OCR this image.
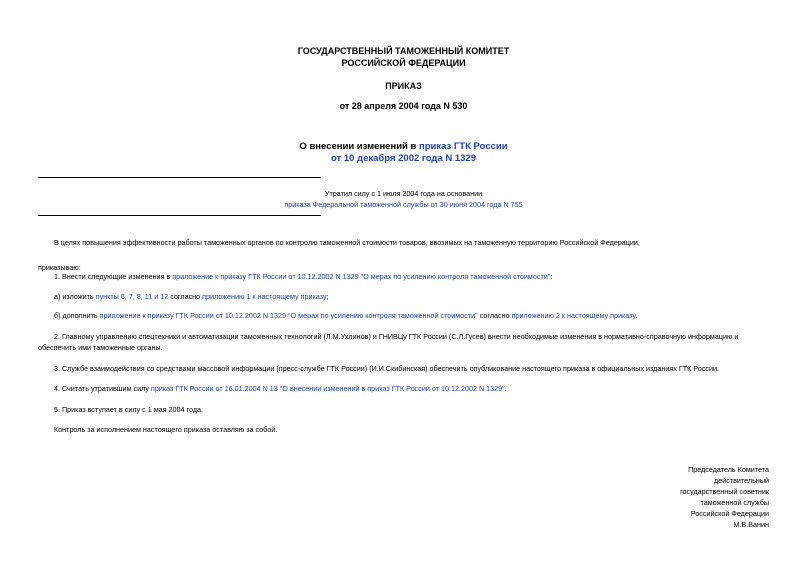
ГОСУДАРСТВЕННЫЙ ТАМОЖЕННЫЙ КОМИТЕТ
РОССИЙСКОЙ ФЕДЕРАЦИИ
ПРИКАЗ
от 28 апреля 2004 года N 530
О внесении изменений в приказ ГТК России
от 10 декабря 2002 года N 1329
Утратил силу с 1 июля 2004 года на основании
приказа Федеральной таможенной службы от 30 июня 2004 года N 755
В целях повышения эффективности работы таможенных органов по контролю таможенной стоимости товаров, ввозимых на таможенную территорию Российской Федерации,
приказываю:
1. Внести следующие изменения в приложение к приказу ГТК России от 10.12.2002 N 1329 "О мерах по усилению контроля таможенной стоимости":
а) изложить пункты 6, 7, 8, 11 и 12 согласно приложению 1 к настоящему приказу;
б) дополнить приложение к приказу ГТК России от 10.12.2002 N 1329 "О мерах по усилению контроля таможенной стоимости" согласно приложению 2 к настоящему приказу.
2. Главному управлению спецтехники и автоматизации таможенных технологий (Л.М.Ухлинов) и ГНИВЦу ГТК России (С.Л.Гусев) внести необходимые изменения в нормативно-справочную информацию и
обеспечить ими таможенные органы.
3. Службе взаимодействия со средствами массовой информации (пресс-службе ГТК России) (И.И.Скибинская) обеспечить опубликование настоящего приказа в официальных изданиях ГТК России.
4. Считать утратившим силу приказ ГТК России от 16.01.2004 N 13 "О внесении изменений в приказ ГТК России от 10.12.2002 N 1329".
5. Приказ вступает в силу с 1 мая 2004 года.
Контроль за исполнением настоящего приказа оставляю за собой.
Председатель Комитета
действительный
государственный советник
таможенной службы
Российской Федерации
М.В.Ванин
